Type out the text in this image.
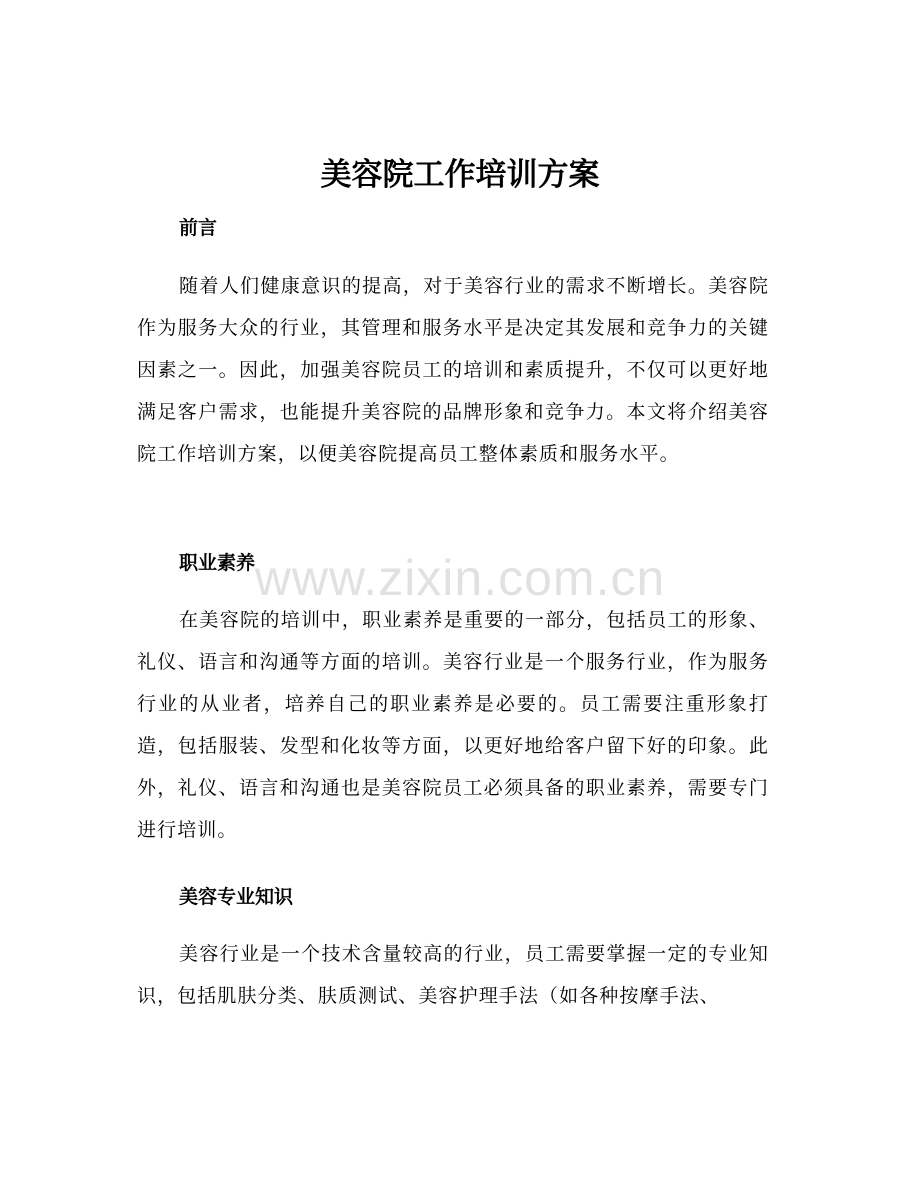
美容院工作培训方案

前言

随着人们健康意识的提高，对于美容行业的需求不断增长。美容院作为服务大众的行业，其管理和服务水平是决定其发展和竞争力的关键因素之一。因此，加强美容院员工的培训和素质提升，不仅可以更好地满足客户需求，也能提升美容院的品牌形象和竞争力。本文将介绍美容院工作培训方案，以便美容院提高员工整体素质和服务水平。

职业素养

在美容院的培训中，职业素养是重要的一部分，包括员工的形象、礼仪、语言和沟通等方面的培训。美容行业是一个服务行业，作为服务行业的从业者，培养自己的职业素养是必要的。员工需要注重形象打造，包括服装、发型和化妆等方面，以更好地给客户留下好的印象。此外，礼仪、语言和沟通也是美容院员工必须具备的职业素养，需要专门进行培训。

美容专业知识

美容行业是一个技术含量较高的行业，员工需要掌握一定的专业知识，包括肌肤分类、肤质测试、美容护理手法（如各种按摩手法、

www.zixin.com.cn
